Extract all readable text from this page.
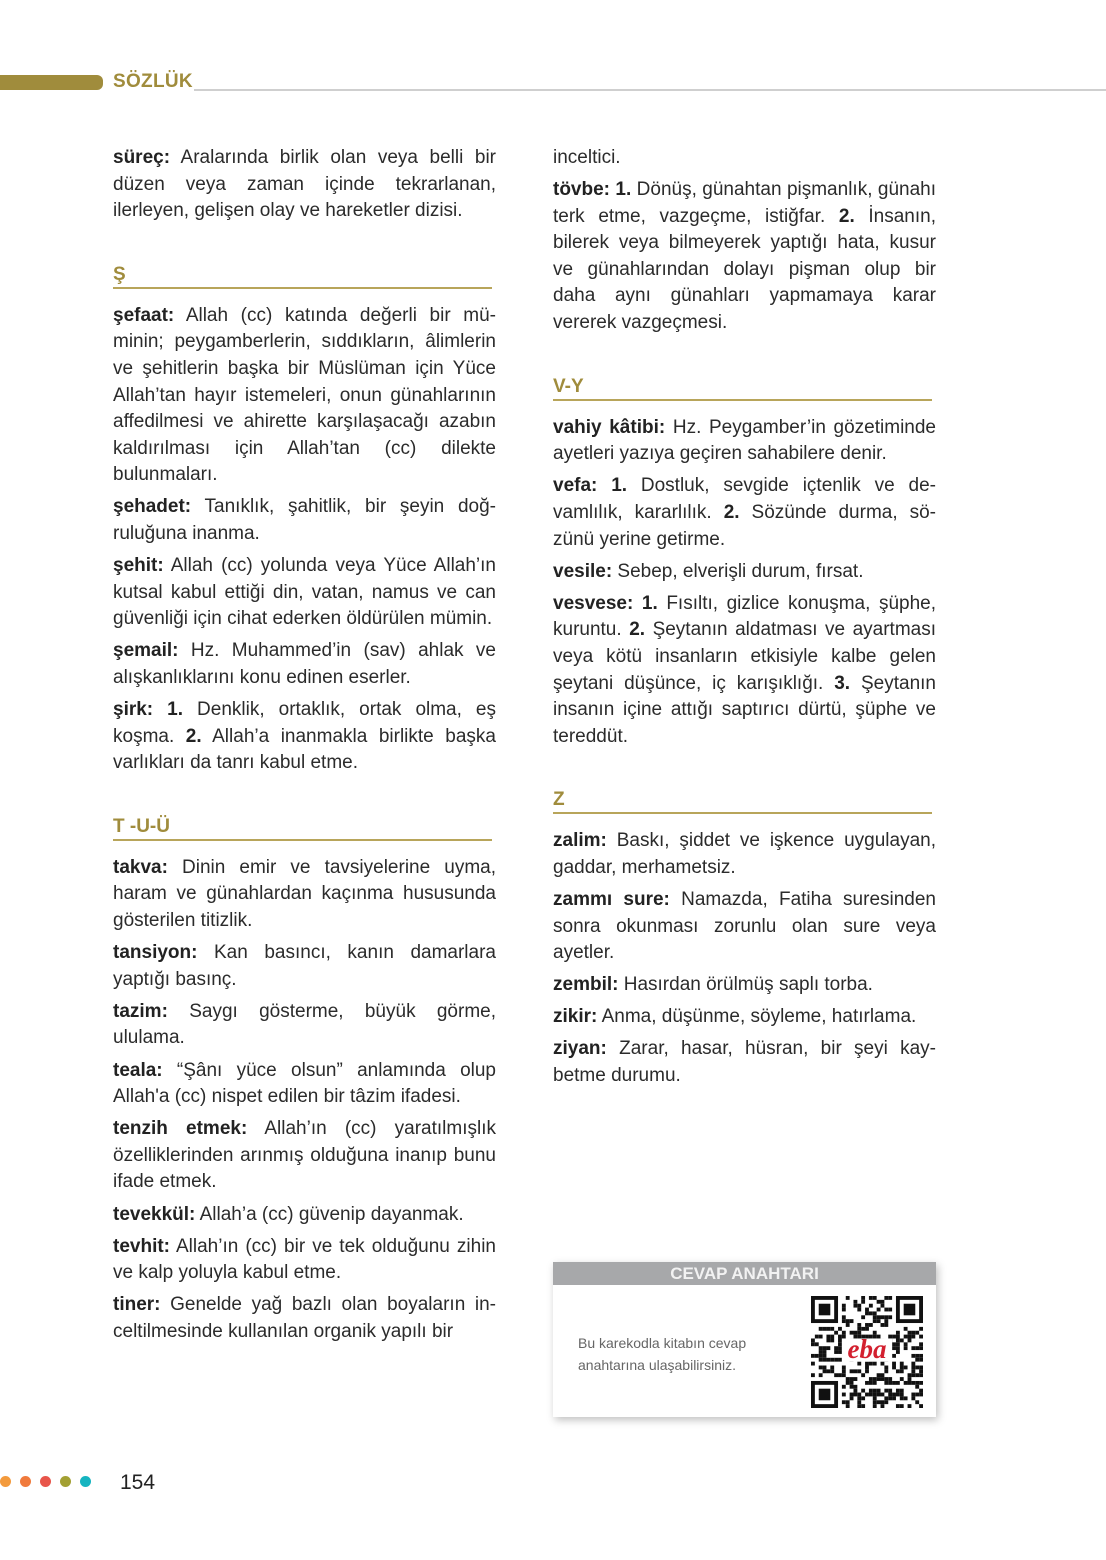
SÖZLÜK

süreç: Aralarında birlik olan veya belli bir düzen veya zaman içinde tekrarlanan, ilerleyen, gelişen olay ve hareketler dizisi.

Ş

şefaat: Allah (cc) katında değerli bir müminin; peygamberlerin, sıddıkların, âlimlerin ve şehitlerin başka bir Müslüman için Yüce Allah’tan hayır istemeleri, onun günahlarının affedilmesi ve ahirette karşılaşacağı azabın kaldırılması için Allah’tan (cc) dilekte bulunmaları.

şehadet: Tanıklık, şahitlik, bir şeyin doğruluğuna inanma.

şehit: Allah (cc) yolunda veya Yüce Allah’ın kutsal kabul ettiği din, vatan, namus ve can güvenliği için cihat ederken öldürülen mümin.

şemail: Hz. Muhammed’in (sav) ahlak ve alışkanlıklarını konu edinen eserler.

şirk: 1. Denklik, ortaklık, ortak olma, eş koşma. 2. Allah’a inanmakla birlikte başka varlıkları da tanrı kabul etme.

T -U-Ü

takva: Dinin emir ve tavsiyelerine uyma, haram ve günahlardan kaçınma hususunda gösterilen titizlik.

tansiyon: Kan basıncı, kanın damarlara yaptığı basınç.

tazim: Saygı gösterme, büyük görme, ululama.

teala: “Şânı yüce olsun” anlamında olup Allah'a (cc) nispet edilen bir tâzim ifadesi.

tenzih etmek: Allah’ın (cc) yaratılmışlık özelliklerinden arınmış olduğuna inanıp bunu ifade etmek.

tevekkül: Allah’a (cc) güvenip dayanmak.

tevhit: Allah’ın (cc) bir ve tek olduğunu zihin ve kalp yoluyla kabul etme.

tiner: Genelde yağ bazlı olan boyaların inceltilmesinde kullanılan organik yapılı bir

inceltici.

tövbe: 1. Dönüş, günahtan pişmanlık, günahı terk etme, vazgeçme, istiğfar. 2. İnsanın, bilerek veya bilmeyerek yaptığı hata, kusur ve günahlarından dolayı pişman olup bir daha aynı günahları yapmamaya karar vererek vazgeçmesi.

V-Y

vahiy kâtibi: Hz. Peygamber’in gözetiminde ayetleri yazıya geçiren sahabilere denir.

vefa: 1. Dostluk, sevgide içtenlik ve devamlılık, kararlılık. 2. Sözünde durma, sözünü yerine getirme.

vesile: Sebep, elverişli durum, fırsat.

vesvese: 1. Fısıltı, gizlice konuşma, şüphe, kuruntu. 2. Şeytanın aldatması ve ayartması veya kötü insanların etkisiyle kalbe gelen şeytani düşünce, iç karışıklığı. 3. Şeytanın insanın içine attığı saptırıcı dürtü, şüphe ve tereddüt.

Z

zalim: Baskı, şiddet ve işkence uygulayan, gaddar, merhametsiz.

zammı sure: Namazda, Fatiha suresinden sonra okunması zorunlu olan sure veya ayetler.

zembil: Hasırdan örülmüş saplı torba.

zikir: Anma, düşünme, söyleme, hatırlama.

ziyan: Zarar, hasar, hüsran, bir şeyi kaybetme durumu.

CEVAP ANAHTARI
Bu karekodla kitabın cevap anahtarına ulaşabilirsiniz.
eba
154
